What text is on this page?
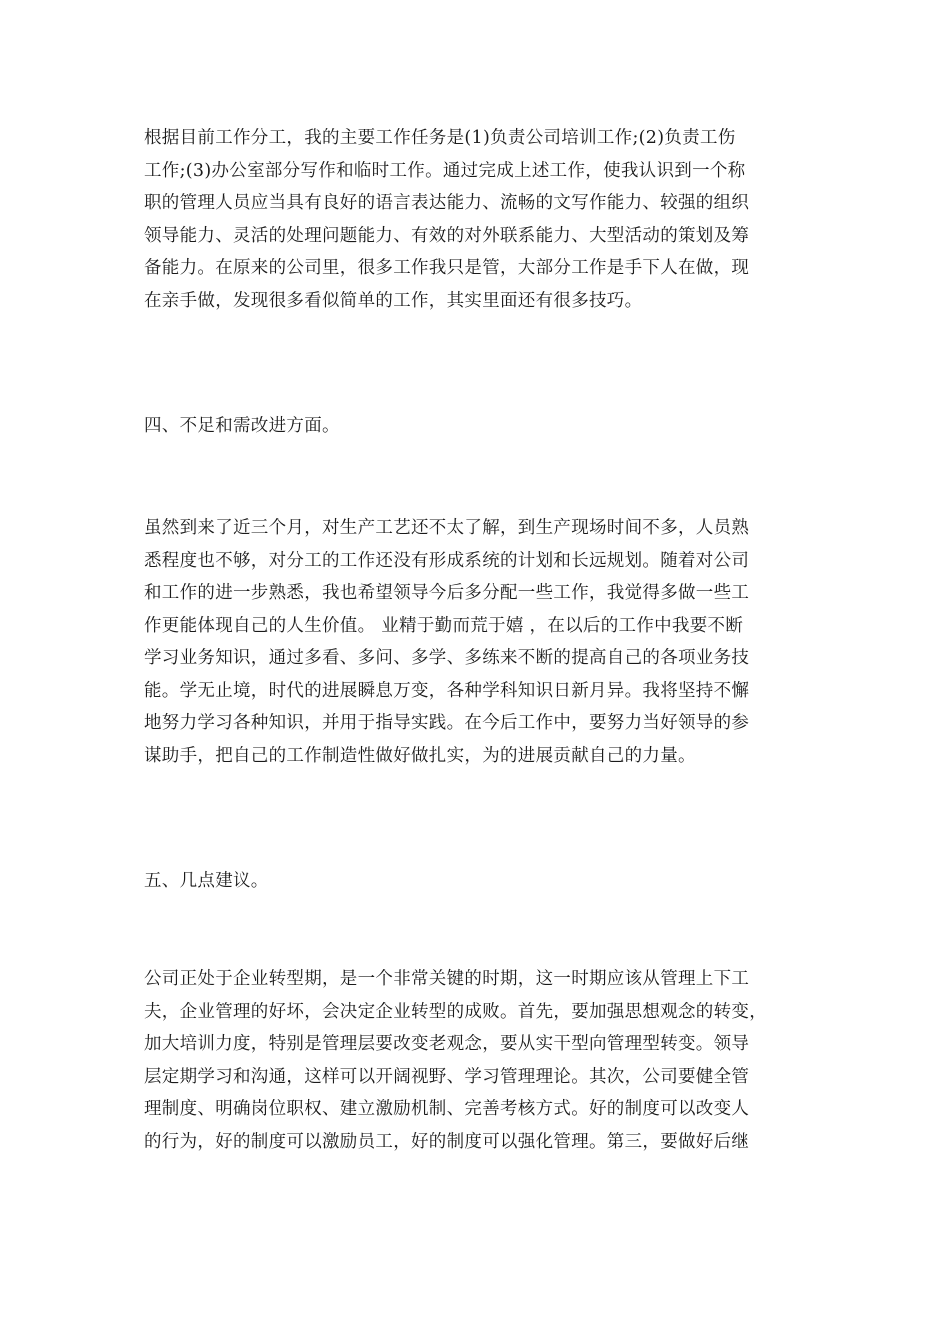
根据目前工作分工，我的主要工作任务是(1)负责公司培训工作;(2)负责工伤
工作;(3)办公室部分写作和临时工作。通过完成上述工作，使我认识到一个称
职的管理人员应当具有良好的语言表达能力、流畅的文写作能力、较强的组织
领导能力、灵活的处理问题能力、有效的对外联系能力、大型活动的策划及筹
备能力。在原来的公司里，很多工作我只是管，大部分工作是手下人在做，现
在亲手做，发现很多看似简单的工作，其实里面还有很多技巧。
四、不足和需改进方面。
虽然到来了近三个月，对生产工艺还不太了解，到生产现场时间不多，人员熟
悉程度也不够，对分工的工作还没有形成系统的计划和长远规划。随着对公司
和工作的进一步熟悉，我也希望领导今后多分配一些工作，我觉得多做一些工
作更能体现自己的人生价值。 业精于勤而荒于嬉 ，在以后的工作中我要不断
学习业务知识，通过多看、多问、多学、多练来不断的提高自己的各项业务技
能。学无止境，时代的进展瞬息万变，各种学科知识日新月异。我将坚持不懈
地努力学习各种知识，并用于指导实践。在今后工作中，要努力当好领导的参
谋助手，把自己的工作制造性做好做扎实，为的进展贡献自己的力量。
五、几点建议。
公司正处于企业转型期，是一个非常关键的时期，这一时期应该从管理上下工
夫，企业管理的好坏，会决定企业转型的成败。首先，要加强思想观念的转变，
加大培训力度，特别是管理层要改变老观念，要从实干型向管理型转变。领导
层定期学习和沟通，这样可以开阔视野、学习管理理论。其次，公司要健全管
理制度、明确岗位职权、建立激励机制、完善考核方式。好的制度可以改变人
的行为，好的制度可以激励员工，好的制度可以强化管理。第三，要做好后继
